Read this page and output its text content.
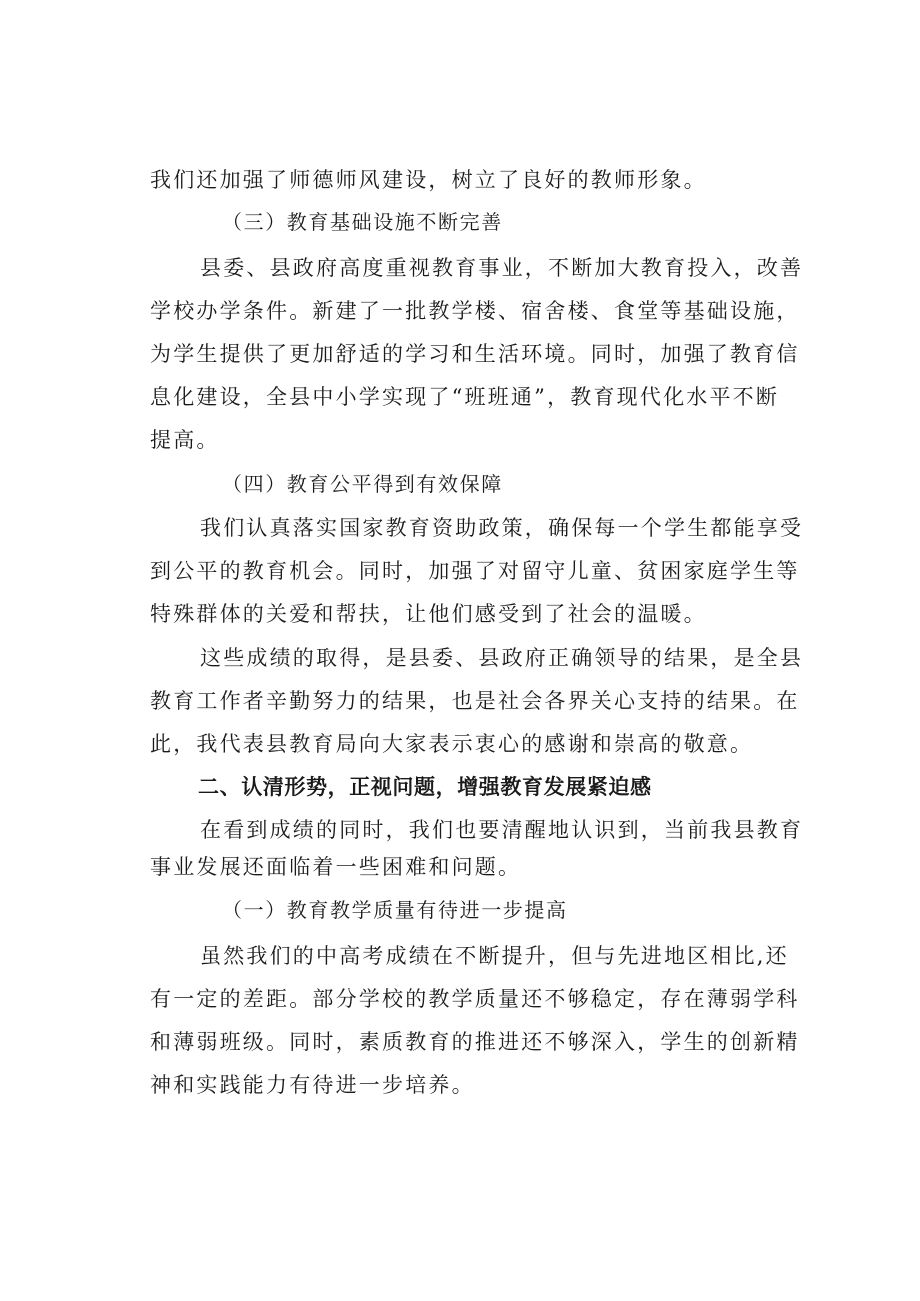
我们还加强了师德师风建设，树立了良好的教师形象。
（三）教育基础设施不断完善
县委、县政府高度重视教育事业，不断加大教育投入，改善
学校办学条件。新建了一批教学楼、宿舍楼、食堂等基础设施，
为学生提供了更加舒适的学习和生活环境。同时，加强了教育信
息化建设，全县中小学实现了“班班通”，教育现代化水平不断
提高。
（四）教育公平得到有效保障
我们认真落实国家教育资助政策，确保每一个学生都能享受
到公平的教育机会。同时，加强了对留守儿童、贫困家庭学生等
特殊群体的关爱和帮扶，让他们感受到了社会的温暖。
这些成绩的取得，是县委、县政府正确领导的结果，是全县
教育工作者辛勤努力的结果，也是社会各界关心支持的结果。在
此，我代表县教育局向大家表示衷心的感谢和崇高的敬意。
二、认清形势，正视问题，增强教育发展紧迫感
在看到成绩的同时，我们也要清醒地认识到，当前我县教育
事业发展还面临着一些困难和问题。
（一）教育教学质量有待进一步提高
虽然我们的中高考成绩在不断提升，但与先进地区相比,还
有一定的差距。部分学校的教学质量还不够稳定，存在薄弱学科
和薄弱班级。同时，素质教育的推进还不够深入，学生的创新精
神和实践能力有待进一步培养。
